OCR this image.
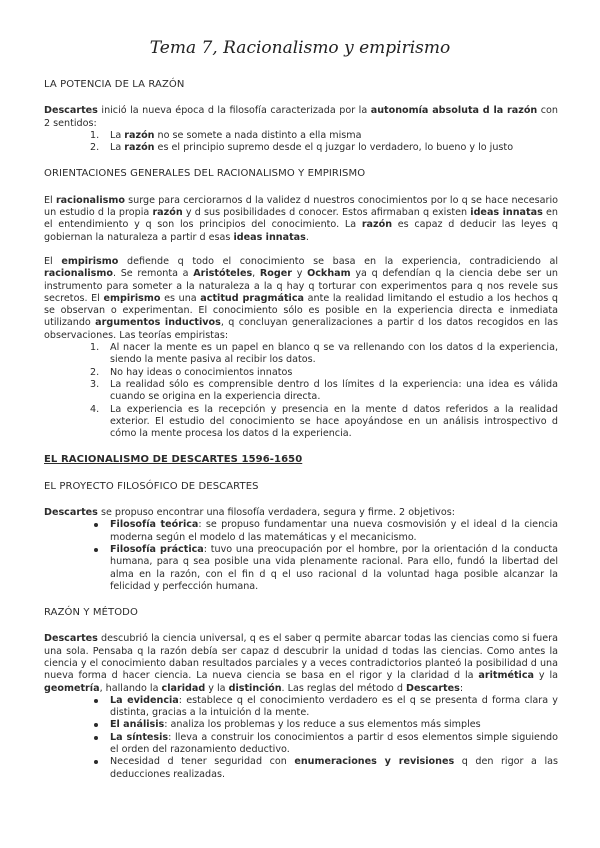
Tema 7, Racionalismo y empirismo
LA POTENCIA DE LA RAZÓN

Descartes inició la nueva época d la filosofía caracterizada por la autonomía absoluta d la razón con 2 sentidos:

1. La razón no se somete a nada distinto a ella misma
2. La razón es el principio supremo desde el q juzgar lo verdadero, lo bueno y lo justo
ORIENTACIONES GENERALES DEL RACIONALISMO Y EMPIRISMO

El racionalismo surge para cerciorarnos d la validez d nuestros conocimientos por lo q se hace necesario un estudio d la propia razón y d sus posibilidades d conocer. Estos afirmaban q existen ideas innatas en el entendimiento y q son los principios del conocimiento. La razón es capaz d deducir las leyes q gobiernan la naturaleza a partir d esas ideas innatas.

El empirismo defiende q todo el conocimiento se basa en la experiencia, contradiciendo al racionalismo. Se remonta a Aristóteles, Roger y Ockham ya q defendían q la ciencia debe ser un instrumento para someter a la naturaleza a la q hay q torturar con experimentos para q nos revele sus secretos. El empirismo es una actitud pragmática ante la realidad limitando el estudio a los hechos q se observan o experimentan. El conocimiento sólo es posible en la experiencia directa e inmediata utilizando argumentos inductivos, q concluyan generalizaciones a partir d los datos recogidos en las observaciones. Las teorías empiristas:

1. Al nacer la mente es un papel en blanco q se va rellenando con los datos d la experiencia, siendo la mente pasiva al recibir los datos.
2. No hay ideas o conocimientos innatos
3. La realidad sólo es comprensible dentro d los límites d la experiencia: una idea es válida cuando se origina en la experiencia directa.
4. La experiencia es la recepción y presencia en la mente d datos referidos a la realidad exterior. El estudio del conocimiento se hace apoyándose en un análisis introspectivo d cómo la mente procesa los datos d la experiencia.
EL RACIONALISMO DE DESCARTES 1596-1650
EL PROYECTO FILOSÓFICO DE DESCARTES

Descartes se propuso encontrar una filosofía verdadera, segura y firme. 2 objetivos:

Filosofía teórica: se propuso fundamentar una nueva cosmovisión y el ideal d la ciencia moderna según el modelo d las matemáticas y el mecanicismo.
Filosofía práctica: tuvo una preocupación por el hombre, por la orientación d la conducta humana, para q sea posible una vida plenamente racional. Para ello, fundó la libertad del alma en la razón, con el fin d q el uso racional d la voluntad haga posible alcanzar la felicidad y perfección humana.
RAZÓN Y MÉTODO

Descartes descubrió la ciencia universal, q es el saber q permite abarcar todas las ciencias como si fuera una sola. Pensaba q la razón debía ser capaz d descubrir la unidad d todas las ciencias. Como antes la ciencia y el conocimiento daban resultados parciales y a veces contradictorios planteó la posibilidad d una nueva forma d hacer ciencia. La nueva ciencia se basa en el rigor y la claridad d la aritmética y la geometría, hallando la claridad y la distinción. Las reglas del método d Descartes:

La evidencia: establece q el conocimiento verdadero es el q se presenta d forma clara y distinta, gracias a la intuición d la mente.
El análisis: analiza los problemas y los reduce a sus elementos más simples
La síntesis: lleva a construir los conocimientos a partir d esos elementos simple siguiendo el orden del razonamiento deductivo.
Necesidad d tener seguridad con enumeraciones y revisiones q den rigor a las deducciones realizadas.
